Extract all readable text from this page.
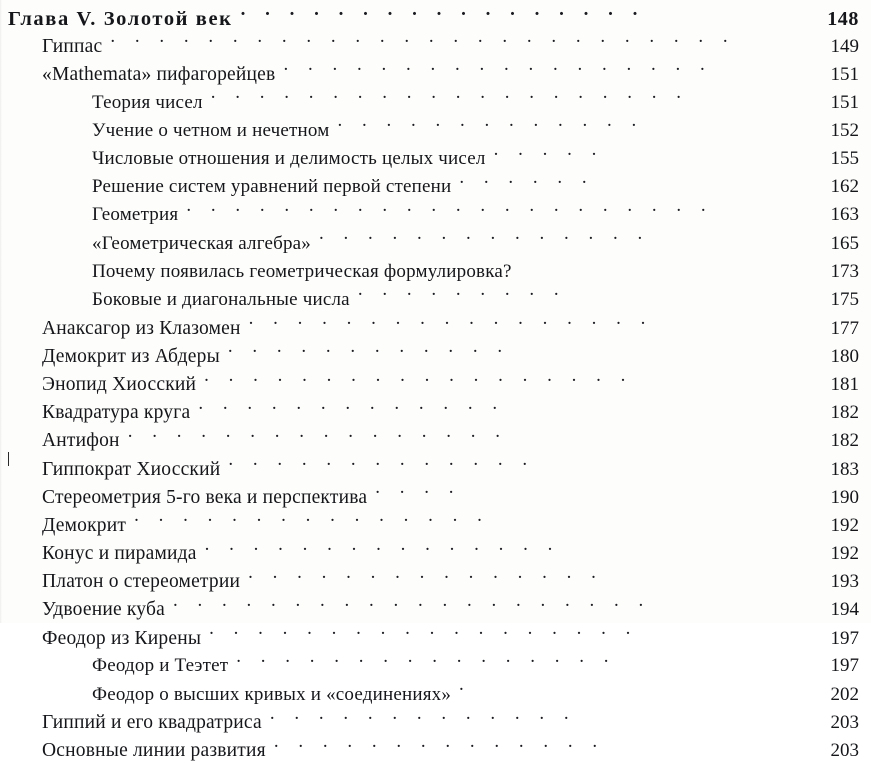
Глава V. Золотой век . . . . . . . . . . . . . . . . .	148
Гиппас . . . . . . . . . . . . . . . . . . . . . . . . . .	149
«Mathemata» пифагорейцев . . . . . . . . . . . . . . . . . .	151
Теория чисел . . . . . . . . . . . . . . . . . . . .	151
Учение о четном и нечетном . . . . . . . . . . . . .	152
Числовые отношения и делимость целых чисел . . . . .	155
Решение систем уравнений первой степени . . . . . .	162
Геометрия . . . . . . . . . . . . . . . . . . . . . .	163
«Геометрическая алгебра» . . . . . . . . . . . . . .	165
Почему появилась геометрическая формулировка?	173
Боковые и диагональные числа . . . . . . . . .	175
Анаксагор из Клазомен . . . . . . . . . . . . . . . . .	177
Демокрит из Абдеры . . . . . . . . . . . .	180
Энопид Хиосский . . . . . . . . . . . . . . . . . .	181
Квадратура круга . . . . . . . . . . . . .	182
Антифон . . . . . . . . . . . . . . . .	182
Гиппократ Хиосский . . . . . . . . . . . . .	183
Стереометрия 5-го века и перспектива . . . .	190
Демокрит . . . . . . . . . . . . . . .	192
Конус и пирамида . . . . . . . . . . . . . . .	192
Платон о стереометрии . . . . . . . . . . . . . . .	193
Удвоение куба . . . . . . . . . . . . . . . . . . . .	194
Феодор из Кирены . . . . . . . . . . . . . . . . . .	197
Феодор и Теэтет . . . . . . . . . . . . . . . .	197
Феодор о высших кривых и «соединениях» .	202
Гиппий и его квадратриса . . . . . . . . . . . . .	203
Основные линии развития . . . . . . . . . . . . . .	203
